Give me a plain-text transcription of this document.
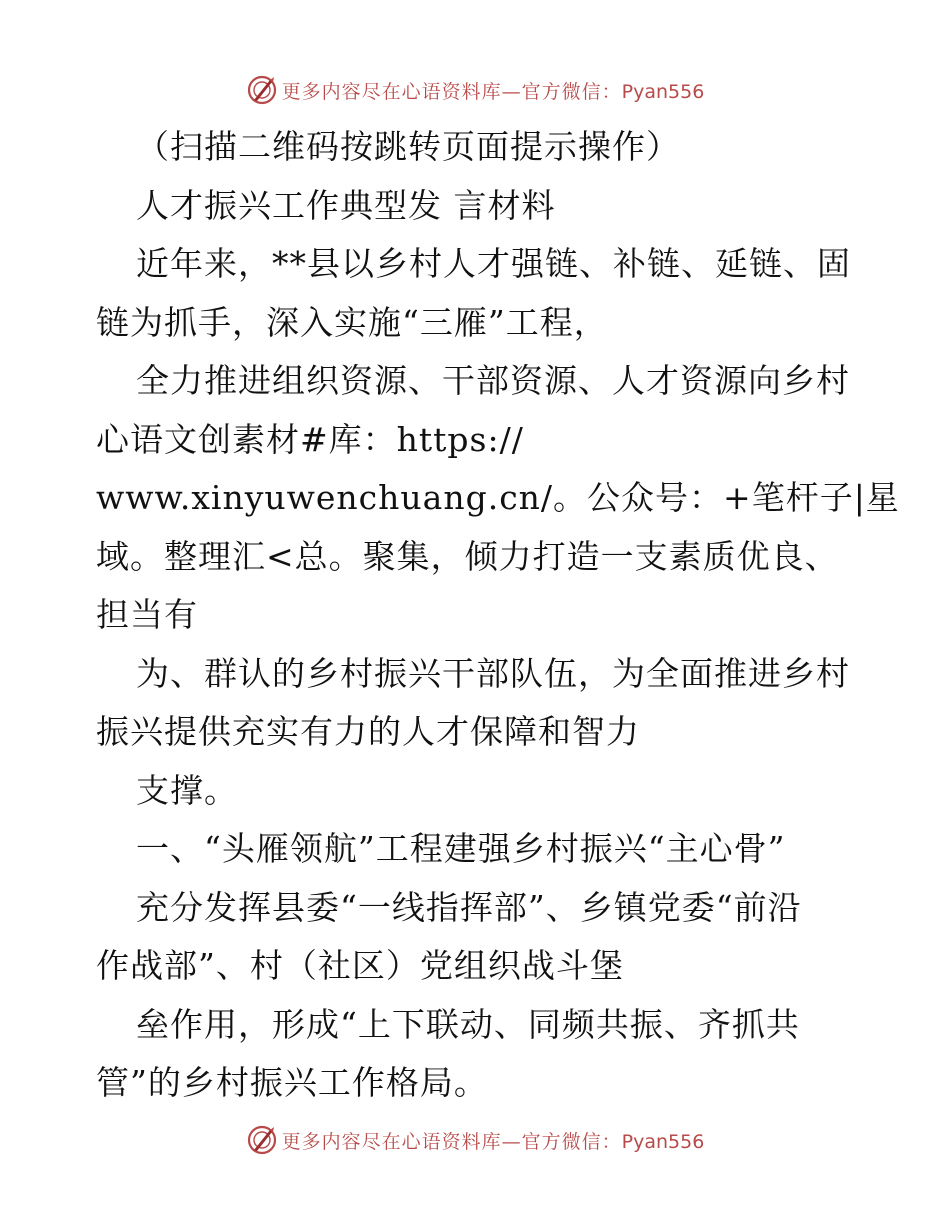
更多内容尽在心语资料库—官方微信：Pyan556
（扫描二维码按跳转页面提示操作）
人才振兴工作典型发 言材料
近年来，**县以乡村人才强链、补链、延链、固
链为抓手，深入实施“三雁”工程，
全力推进组织资源、干部资源、人才资源向乡村
心语文创素材#库：https://
www.xinyuwenchuang.cn/。公众号：+笔杆子|星
域。整理汇<总。聚集，倾力打造一支素质优良、
担当有
为、群认的乡村振兴干部队伍，为全面推进乡村
振兴提供充实有力的人才保障和智力
支撑。
一、“头雁领航”工程建强乡村振兴“主心骨”
充分发挥县委“一线指挥部”、乡镇党委“前沿
作战部”、村（社区）党组织战斗堡
垒作用，形成“上下联动、同频共振、齐抓共
管”的乡村振兴工作格局。
更多内容尽在心语资料库—官方微信：Pyan556
